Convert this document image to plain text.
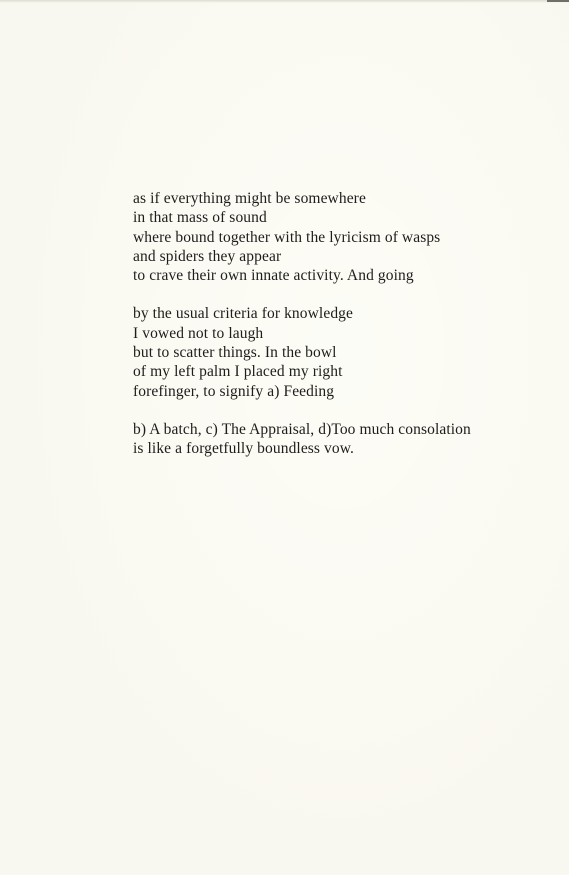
as if everything might be somewhere
in that mass of sound
where bound together with the lyricism of wasps
and spiders they appear
to crave their own innate activity. And going
by the usual criteria for knowledge
I vowed not to laugh
but to scatter things. In the bowl
of my left palm I placed my right
forefinger, to signify a) Feeding
b) A batch, c) The Appraisal, d)Too much consolation
is like a forgetfully boundless vow.
